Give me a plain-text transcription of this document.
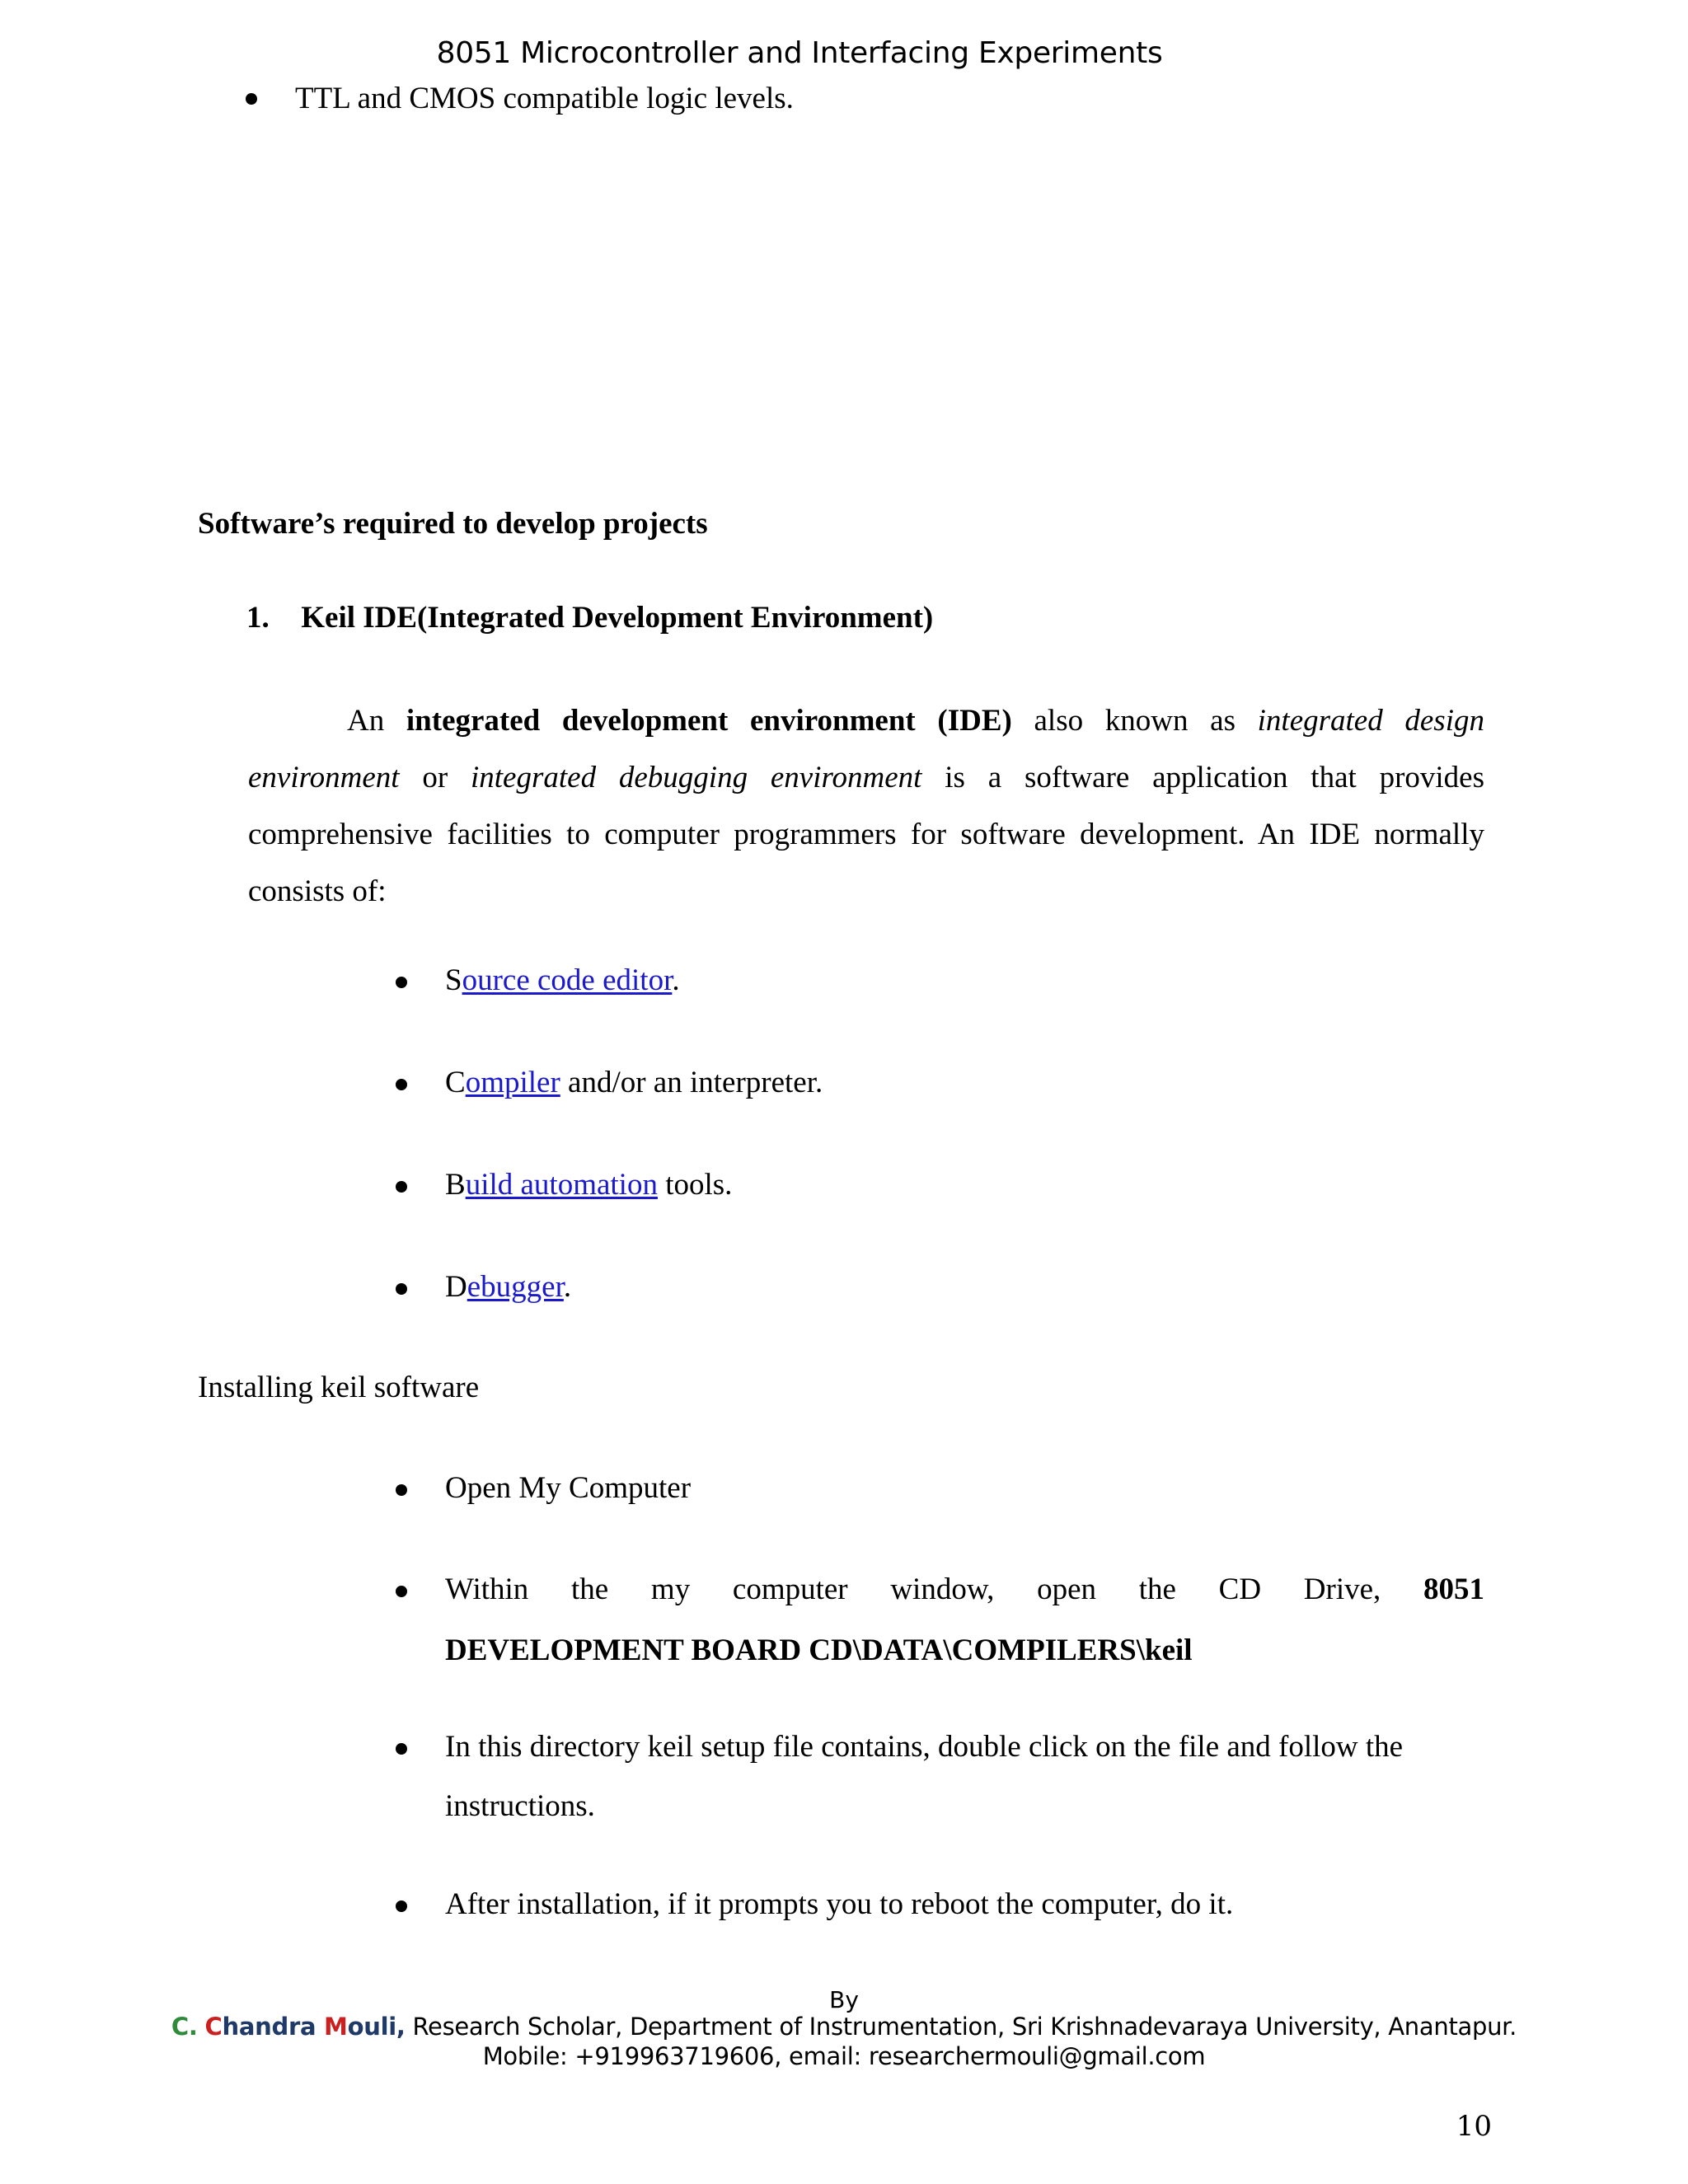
8051 Microcontroller and Interfacing Experiments
TTL and CMOS compatible logic levels.
Software’s required to develop projects
1. Keil IDE(Integrated Development Environment)
An integrated development environment (IDE) also known as integrated design environment or integrated debugging environment is a software application that provides comprehensive facilities to computer programmers for software development. An IDE normally consists of:
Source code editor.
Compiler and/or an interpreter.
Build automation tools.
Debugger.
Installing keil software
Open My Computer
Within the my computer window, open the CD Drive, 8051
DEVELOPMENT BOARD CD\DATA\COMPILERS\keil
In this directory keil setup file contains, double click on the file and follow the
instructions.
After installation, if it prompts you to reboot the computer, do it.
By
C. Chandra Mouli, Research Scholar, Department of Instrumentation, Sri Krishnadevaraya University, Anantapur.
Mobile: +919963719606, email: researchermouli@gmail.com
10
